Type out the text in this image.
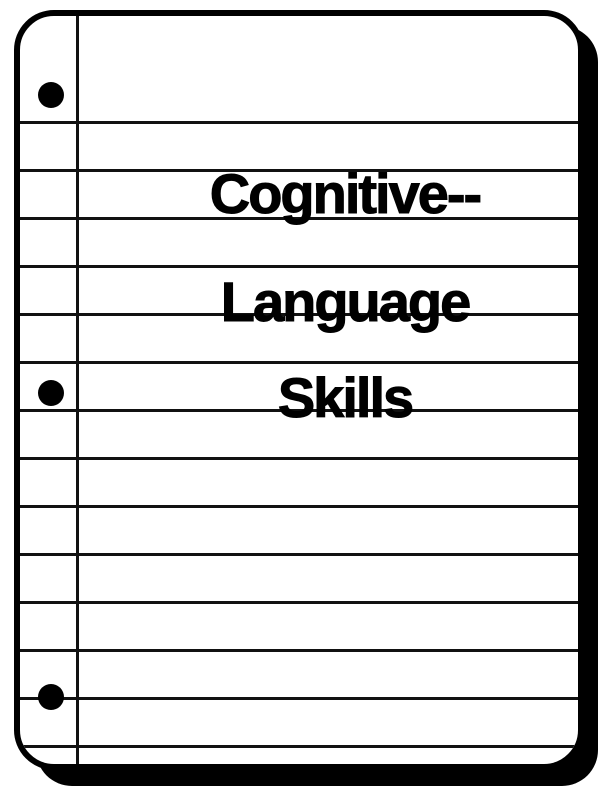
Cognitive--
Language
Skills
